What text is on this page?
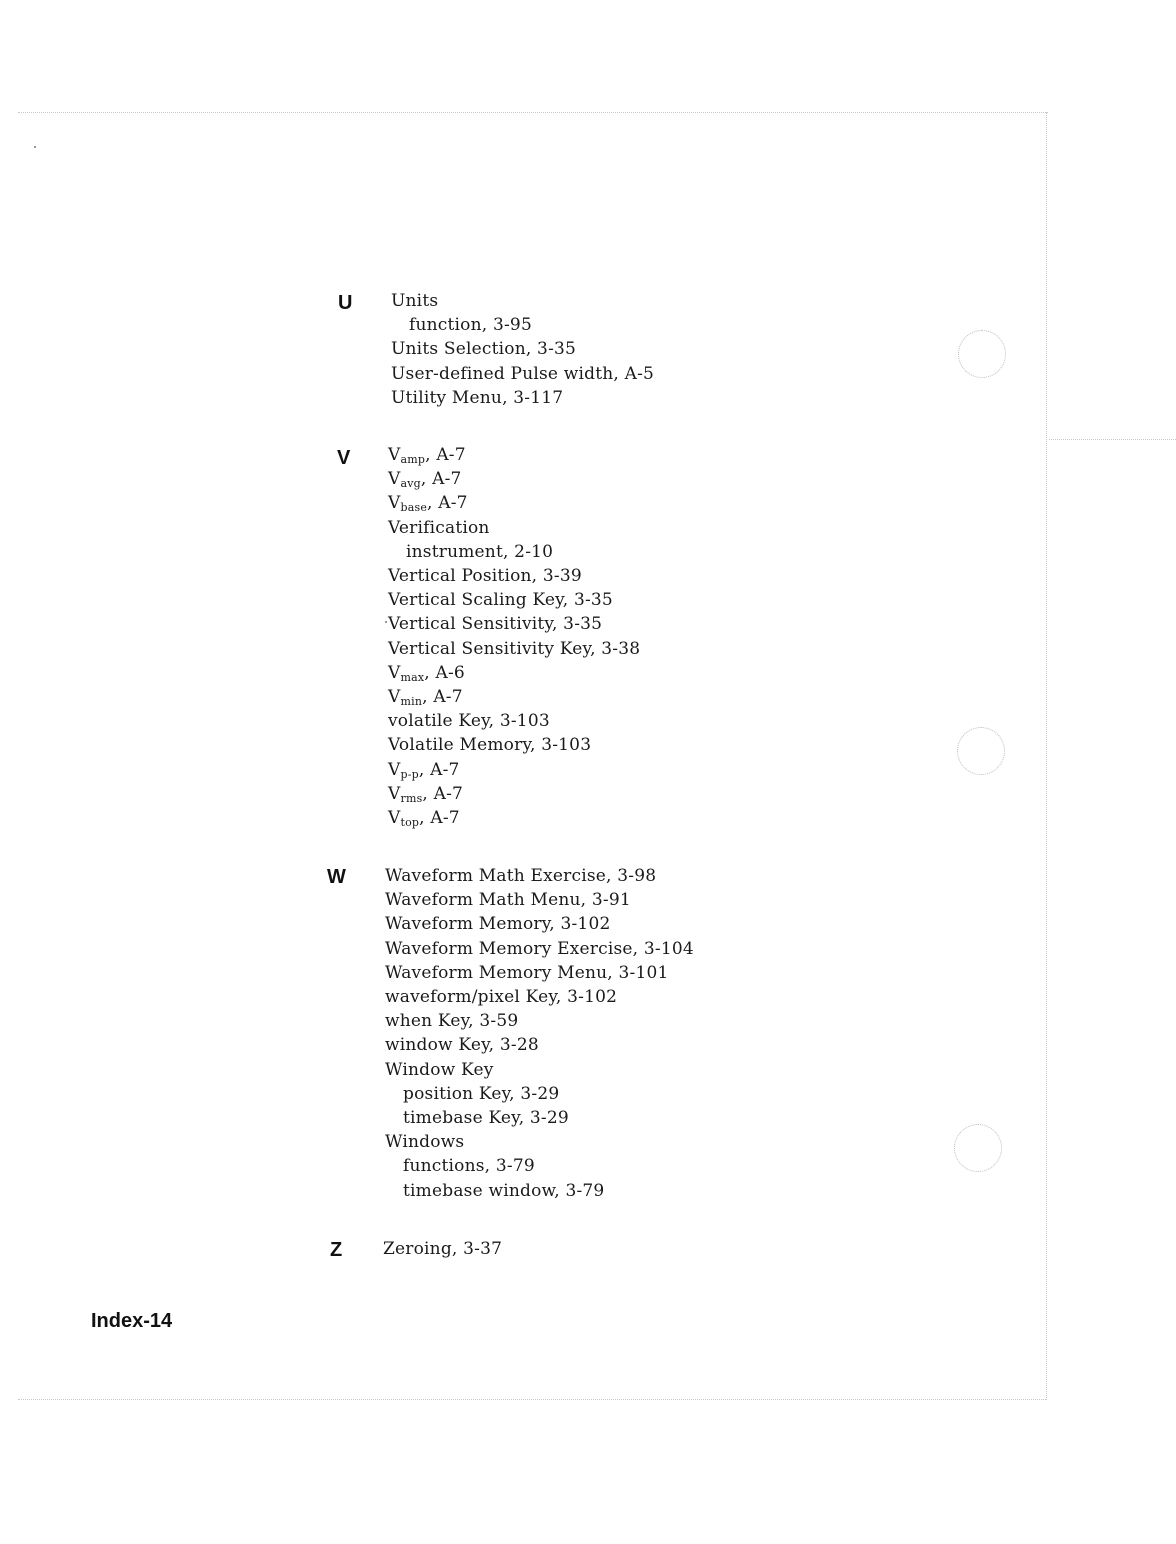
U Units
function, 3-95
Units Selection, 3-35
User-defined Pulse width, A-5
Utility Menu, 3-117
V $V_{amp}$, A-7
$V_{avg}$, A-7
$V_{base}$, A-7
Verification
instrument, 2-10
Vertical Position, 3-39
Vertical Scaling Key, 3-35
Vertical Sensitivity, 3-35
Vertical Sensitivity Key, 3-38
$V_{max}$, A-6
$V_{min}$, A-7
volatile Key, 3-103
Volatile Memory, 3-103
$V_{p-p}$, A-7
$V_{rms}$, A-7
$V_{top}$, A-7
W Waveform Math Exercise, 3-98
Waveform Math Menu, 3-91
Waveform Memory, 3-102
Waveform Memory Exercise, 3-104
Waveform Memory Menu, 3-101
waveform/pixel Key, 3-102
when Key, 3-59
window Key, 3-28
Window Key
position Key, 3-29
timebase Key, 3-29
Windows
functions, 3-79
timebase window, 3-79
Z Zeroing, 3-37
Index-14
